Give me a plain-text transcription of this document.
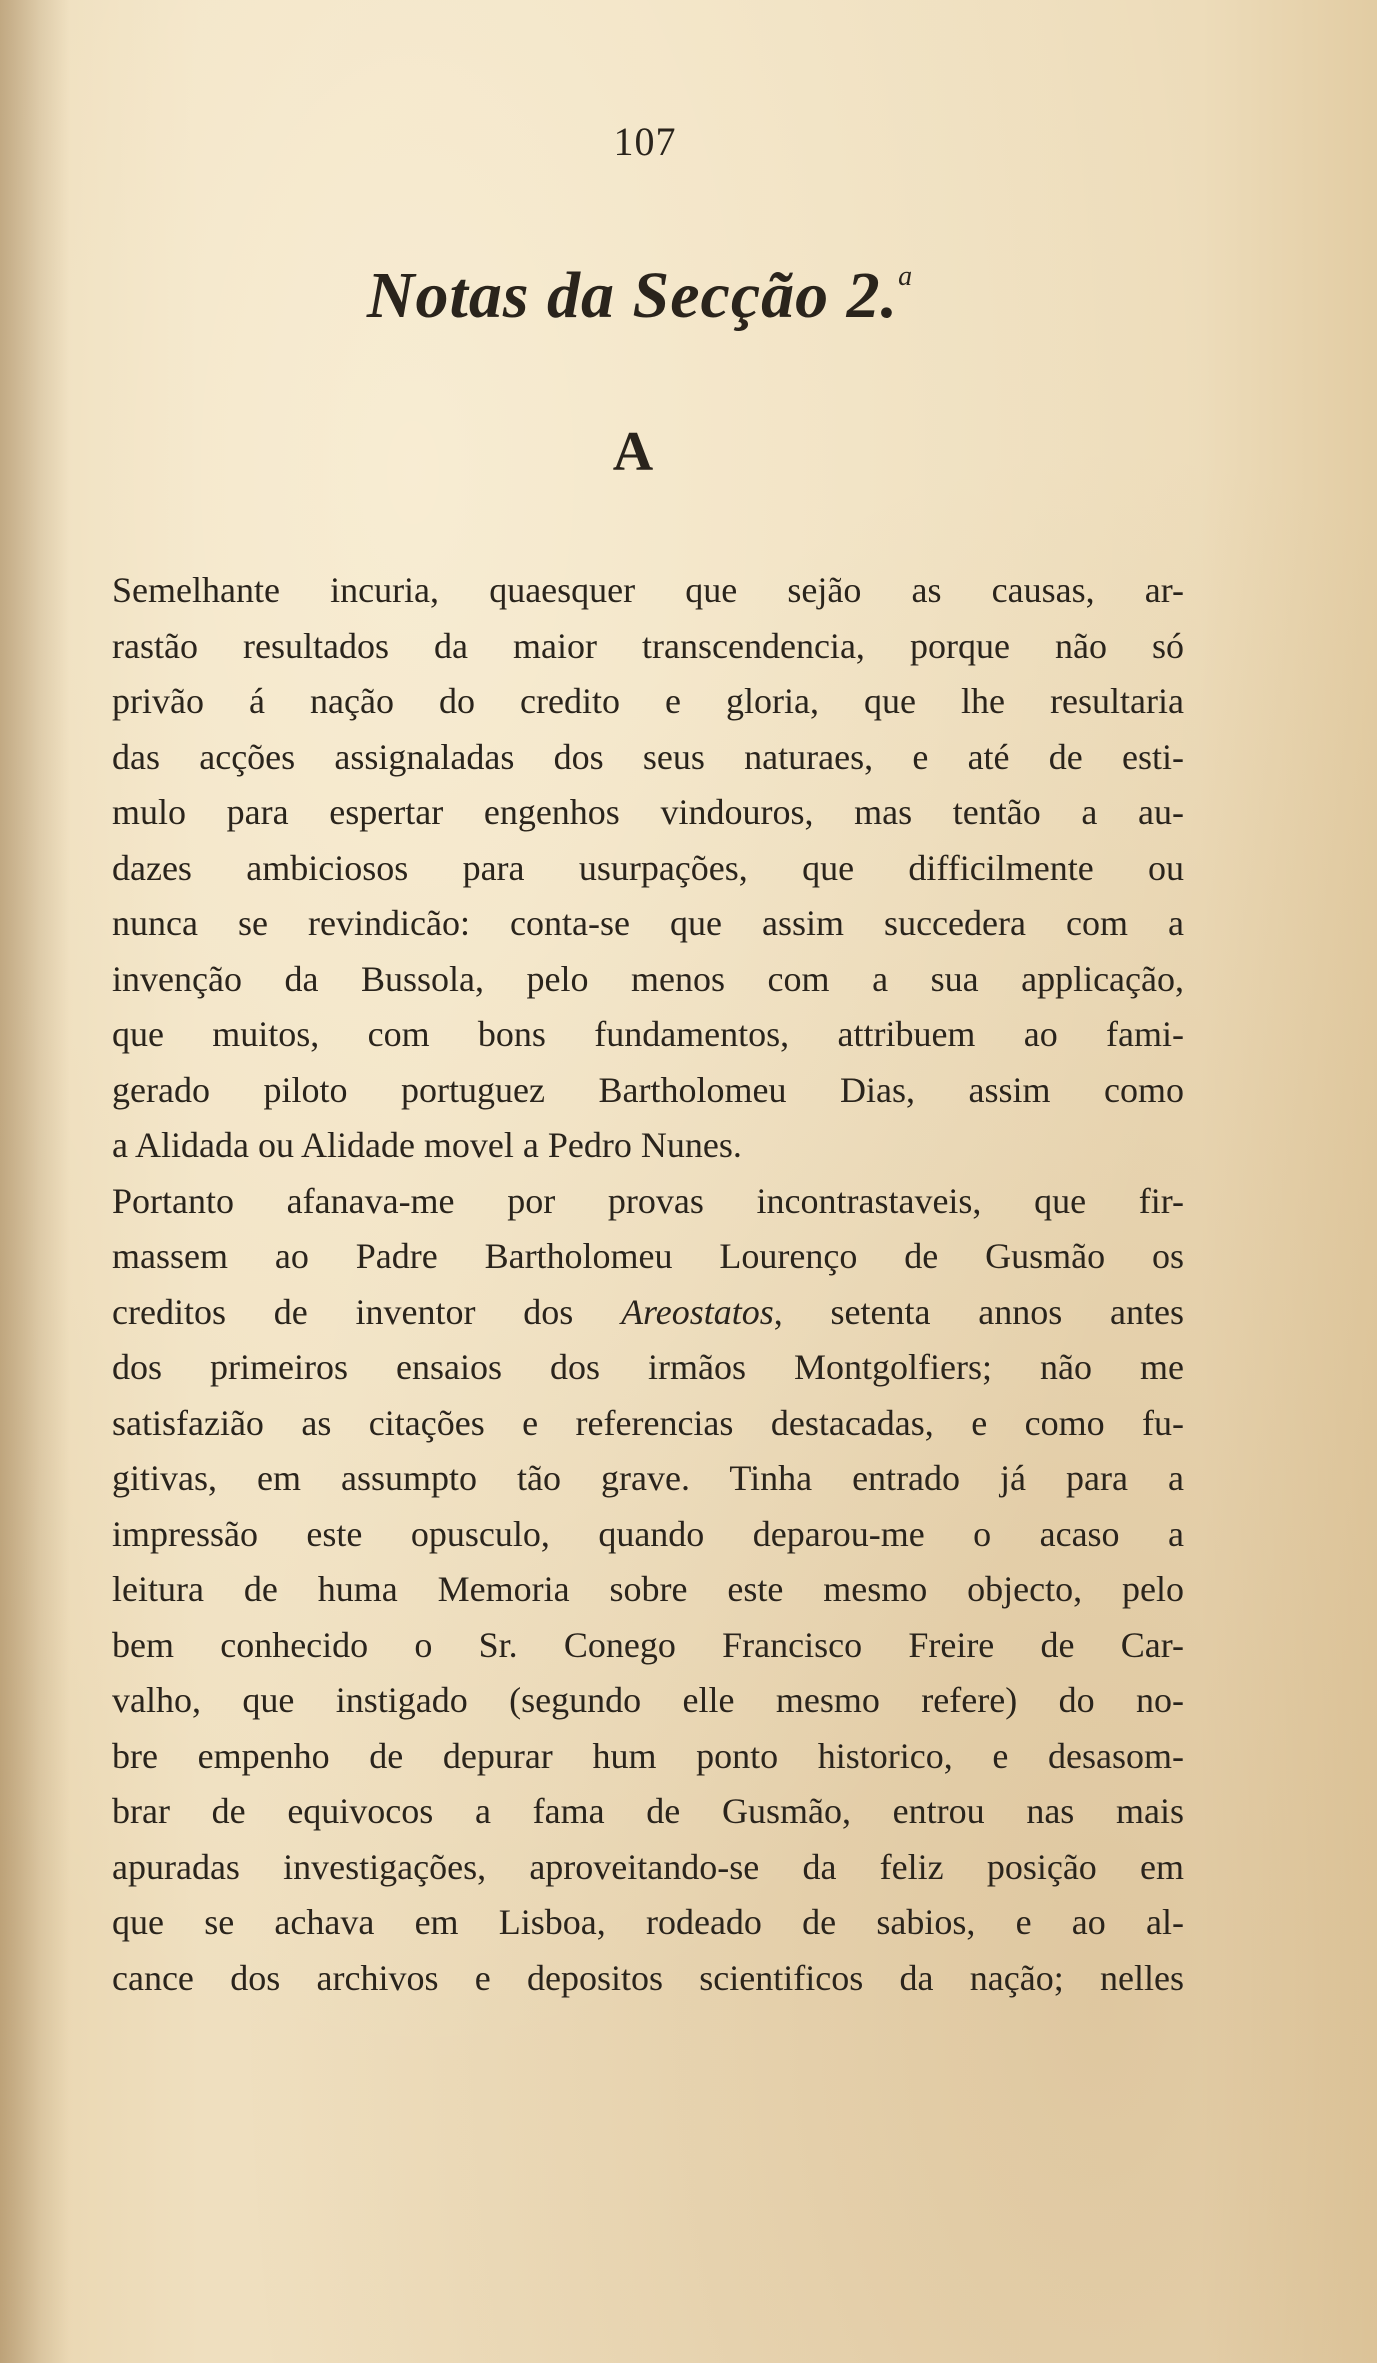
107
Notas da Secção 2.$^a$
A
Semelhante incuria, quaesquer que sejão as causas, ar-
rastão resultados da maior transcendencia, porque não só
privão á nação do credito e gloria, que lhe resultaria
das acções assignaladas dos seus naturaes, e até de esti-
mulo para espertar engenhos vindouros, mas tentão a au-
dazes ambiciosos para usurpações, que difficilmente ou
nunca se revindicão: conta-se que assim succedera com a
invenção da Bussola, pelo menos com a sua applicação,
que muitos, com bons fundamentos, attribuem ao fami-
gerado piloto portuguez Bartholomeu Dias, assim como
a Alidada ou Alidade movel a Pedro Nunes.
Portanto afanava-me por provas incontrastaveis, que fir-
massem ao Padre Bartholomeu Lourenço de Gusmão os
creditos de inventor dos Areostatos, setenta annos antes
dos primeiros ensaios dos irmãos Montgolfiers; não me
satisfazião as citações e referencias destacadas, e como fu-
gitivas, em assumpto tão grave. Tinha entrado já para a
impressão este opusculo, quando deparou-me o acaso a
leitura de huma Memoria sobre este mesmo objecto, pelo
bem conhecido o Sr. Conego Francisco Freire de Car-
valho, que instigado (segundo elle mesmo refere) do no-
bre empenho de depurar hum ponto historico, e desasom-
brar de equivocos a fama de Gusmão, entrou nas mais
apuradas investigações, aproveitando-se da feliz posição em
que se achava em Lisboa, rodeado de sabios, e ao al-
cance dos archivos e depositos scientificos da nação; nelles
